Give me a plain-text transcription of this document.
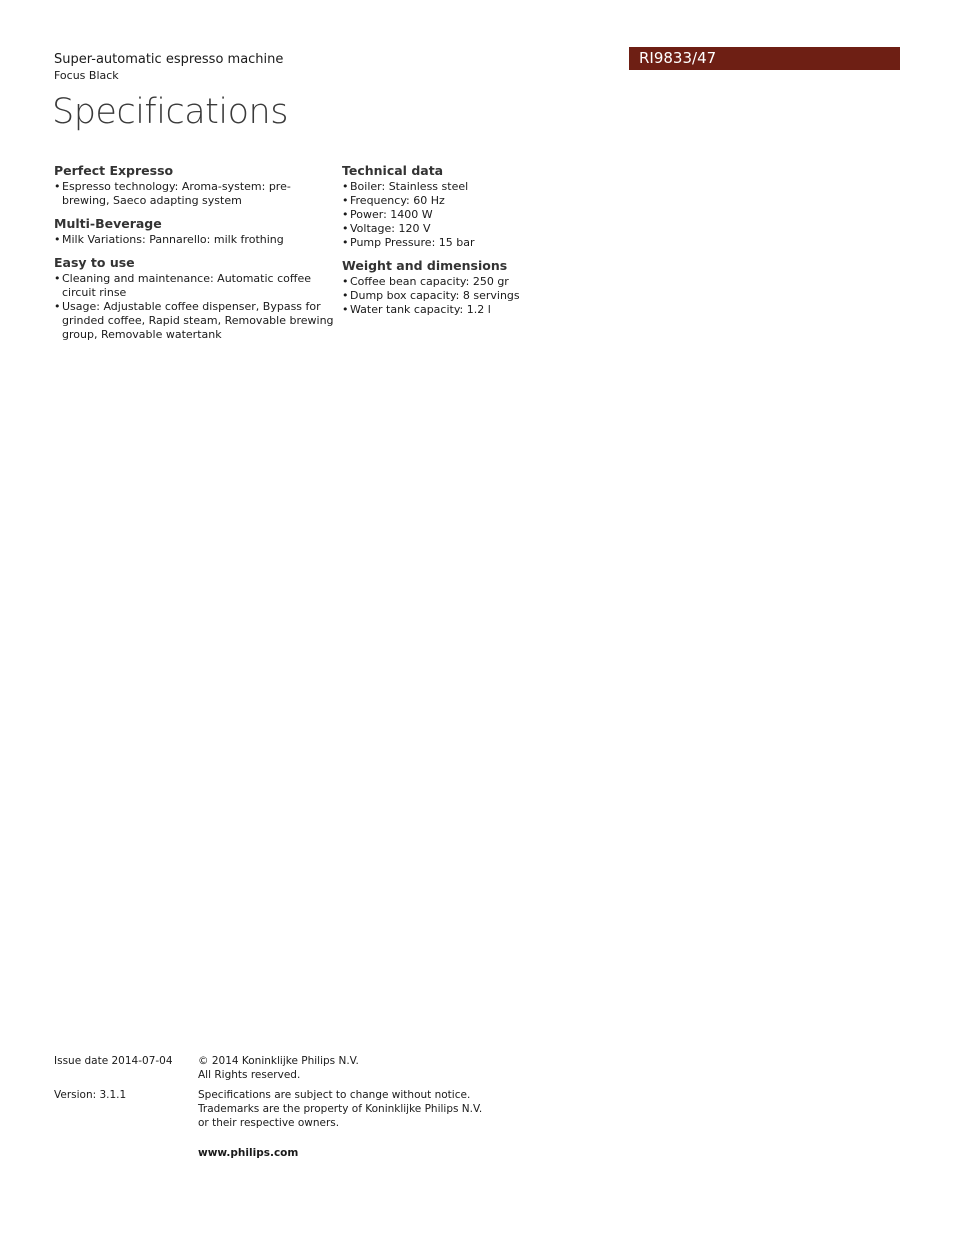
Super-automatic espresso machine
Focus Black
RI9833/47
Specifications
Perfect Expresso
• Espresso technology: Aroma-system: pre-brewing, Saeco adapting system
Multi-Beverage
• Milk Variations: Pannarello: milk frothing
Easy to use
• Cleaning and maintenance: Automatic coffee circuit rinse
• Usage: Adjustable coffee dispenser, Bypass for grinded coffee, Rapid steam, Removable brewing group, Removable watertank
Technical data
• Boiler: Stainless steel
• Frequency: 60 Hz
• Power: 1400 W
• Voltage: 120 V
• Pump Pressure: 15 bar
Weight and dimensions
• Coffee bean capacity: 250 gr
• Dump box capacity: 8 servings
• Water tank capacity: 1.2 l
Issue date 2014-07-04	© 2014 Koninklijke Philips N.V.
All Rights reserved.
Version: 3.1.1	Specifications are subject to change without notice.
Trademarks are the property of Koninklijke Philips N.V.
or their respective owners.
www.philips.com
